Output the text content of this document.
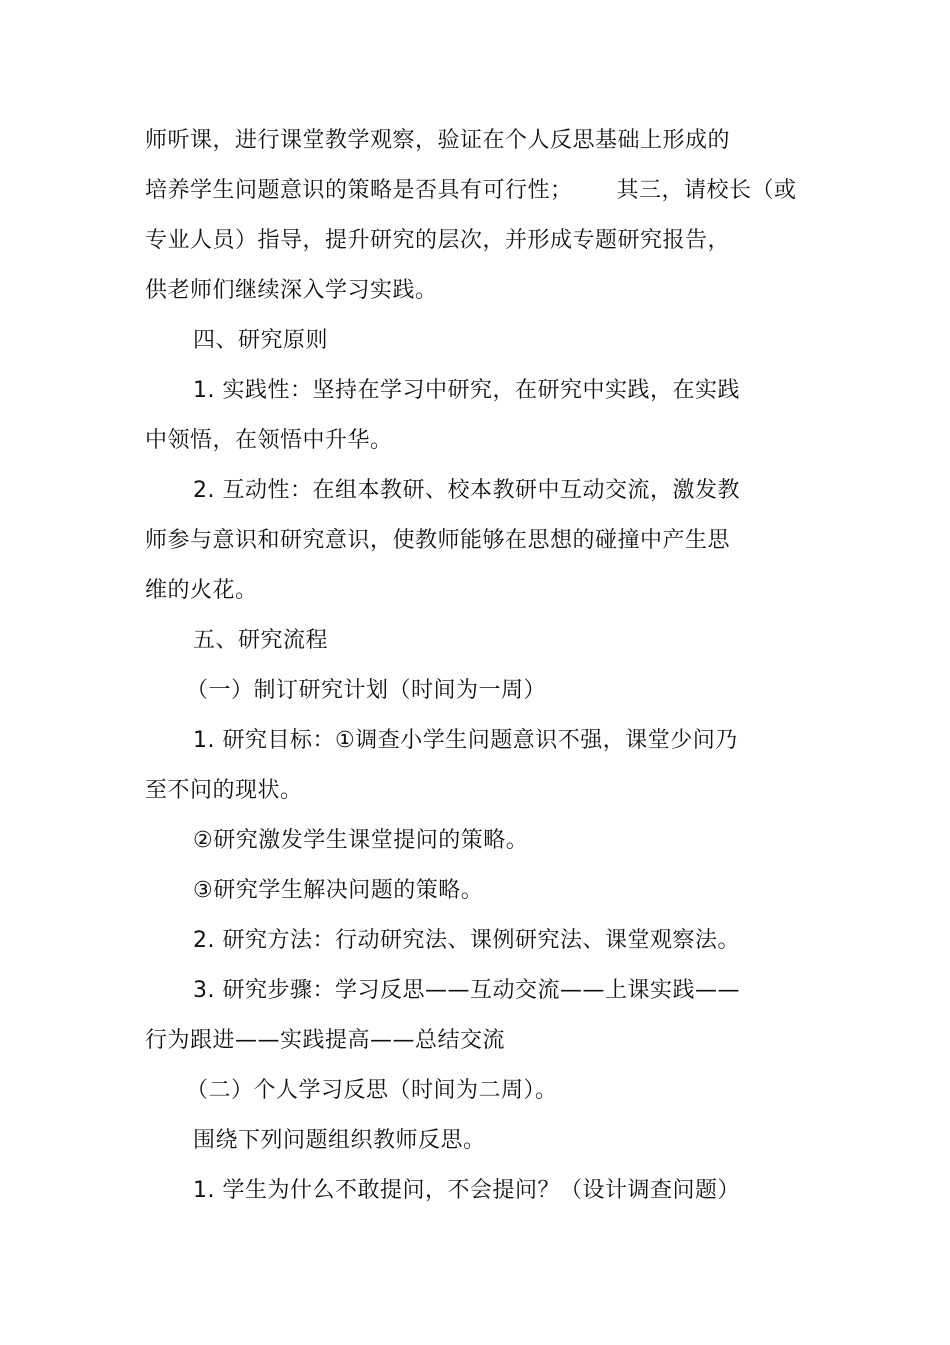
师听课，进行课堂教学观察，验证在个人反思基础上形成的
培养学生问题意识的策略是否具有可行性； 其三，请校长（或
专业人员）指导，提升研究的层次，并形成专题研究报告，
供老师们继续深入学习实践。
四、研究原则
1. 实践性：坚持在学习中研究，在研究中实践，在实践
中领悟，在领悟中升华。
2. 互动性：在组本教研、校本教研中互动交流，激发教
师参与意识和研究意识，使教师能够在思想的碰撞中产生思
维的火花。
五、研究流程
（一）制订研究计划（时间为一周）
1. 研究目标：①调查小学生问题意识不强，课堂少问乃
至不问的现状。
②研究激发学生课堂提问的策略。
③研究学生解决问题的策略。
2. 研究方法：行动研究法、课例研究法、课堂观察法。
3. 研究步骤：学习反思——互动交流——上课实践——
行为跟进——实践提高——总结交流
（二）个人学习反思（时间为二周）。
围绕下列问题组织教师反思。
1. 学生为什么不敢提问，不会提问？（设计调查问题）
